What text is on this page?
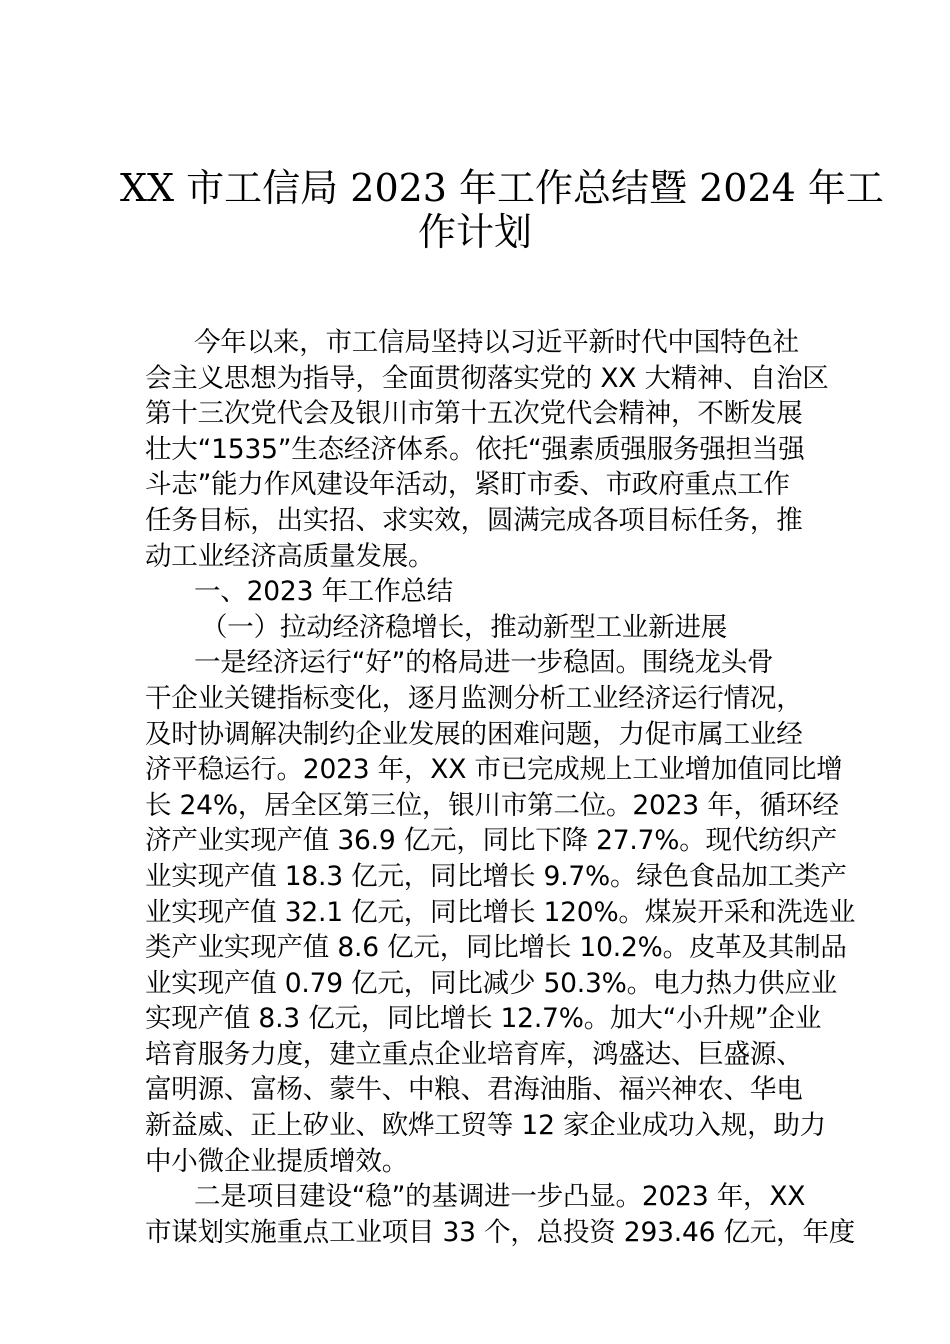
XX 市工信局 2023 年工作总结暨 2024 年工
作计划
今年以来，市工信局坚持以习近平新时代中国特色社
会主义思想为指导，全面贯彻落实党的 XX 大精神、自治区
第十三次党代会及银川市第十五次党代会精神，不断发展
壮大“1535”生态经济体系。依托“强素质强服务强担当强
斗志”能力作风建设年活动，紧盯市委、市政府重点工作
任务目标，出实招、求实效，圆满完成各项目标任务，推
动工业经济高质量发展。
一、2023 年工作总结
（一）拉动经济稳增长，推动新型工业新进展
一是经济运行“好”的格局进一步稳固。围绕龙头骨
干企业关键指标变化，逐月监测分析工业经济运行情况，
及时协调解决制约企业发展的困难问题，力促市属工业经
济平稳运行。2023 年，XX 市已完成规上工业增加值同比增
长 24%，居全区第三位，银川市第二位。2023 年，循环经
济产业实现产值 36.9 亿元，同比下降 27.7%。现代纺织产
业实现产值 18.3 亿元，同比增长 9.7%。绿色食品加工类产
业实现产值 32.1 亿元，同比增长 120%。煤炭开采和洗选业
类产业实现产值 8.6 亿元，同比增长 10.2%。皮革及其制品
业实现产值 0.79 亿元，同比减少 50.3%。电力热力供应业
实现产值 8.3 亿元，同比增长 12.7%。加大“小升规”企业
培育服务力度，建立重点企业培育库，鸿盛达、巨盛源、
富明源、富杨、蒙牛、中粮、君海油脂、福兴神农、华电
新益威、正上矽业、欧烨工贸等 12 家企业成功入规，助力
中小微企业提质增效。
二是项目建设“稳”的基调进一步凸显。2023 年，XX
市谋划实施重点工业项目 33 个，总投资 293.46 亿元，年度
